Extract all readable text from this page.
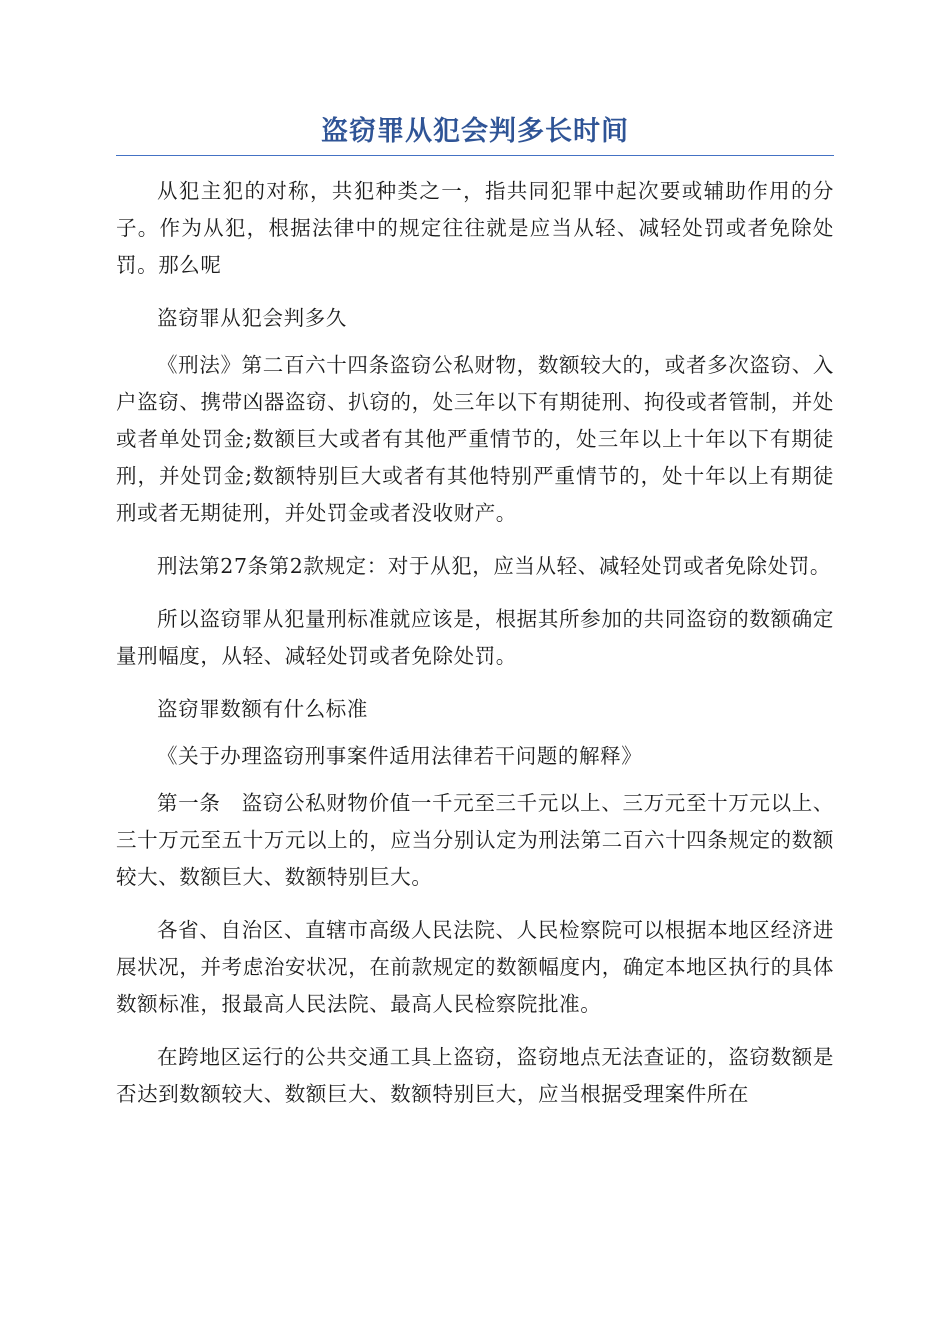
盗窃罪从犯会判多长时间

从犯主犯的对称，共犯种类之一，指共同犯罪中起次要或辅助作用的分子。作为从犯，根据法律中的规定往往就是应当从轻、减轻处罚或者免除处罚。那么呢

盗窃罪从犯会判多久

《刑法》第二百六十四条盗窃公私财物，数额较大的，或者多次盗窃、入户盗窃、携带凶器盗窃、扒窃的，处三年以下有期徒刑、拘役或者管制，并处或者单处罚金;数额巨大或者有其他严重情节的，处三年以上十年以下有期徒刑，并处罚金;数额特别巨大或者有其他特别严重情节的，处十年以上有期徒刑或者无期徒刑，并处罚金或者没收财产。

刑法第27条第2款规定：对于从犯，应当从轻、减轻处罚或者免除处罚。

所以盗窃罪从犯量刑标准就应该是，根据其所参加的共同盗窃的数额确定量刑幅度，从轻、减轻处罚或者免除处罚。

盗窃罪数额有什么标准

《关于办理盗窃刑事案件适用法律若干问题的解释》

第一条　盗窃公私财物价值一千元至三千元以上、三万元至十万元以上、三十万元至五十万元以上的，应当分别认定为刑法第二百六十四条规定的数额较大、数额巨大、数额特别巨大。

各省、自治区、直辖市高级人民法院、人民检察院可以根据本地区经济进展状况，并考虑治安状况，在前款规定的数额幅度内，确定本地区执行的具体数额标准，报最高人民法院、最高人民检察院批准。

在跨地区运行的公共交通工具上盗窃，盗窃地点无法查证的，盗窃数额是否达到数额较大、数额巨大、数额特别巨大，应当根据受理案件所在
